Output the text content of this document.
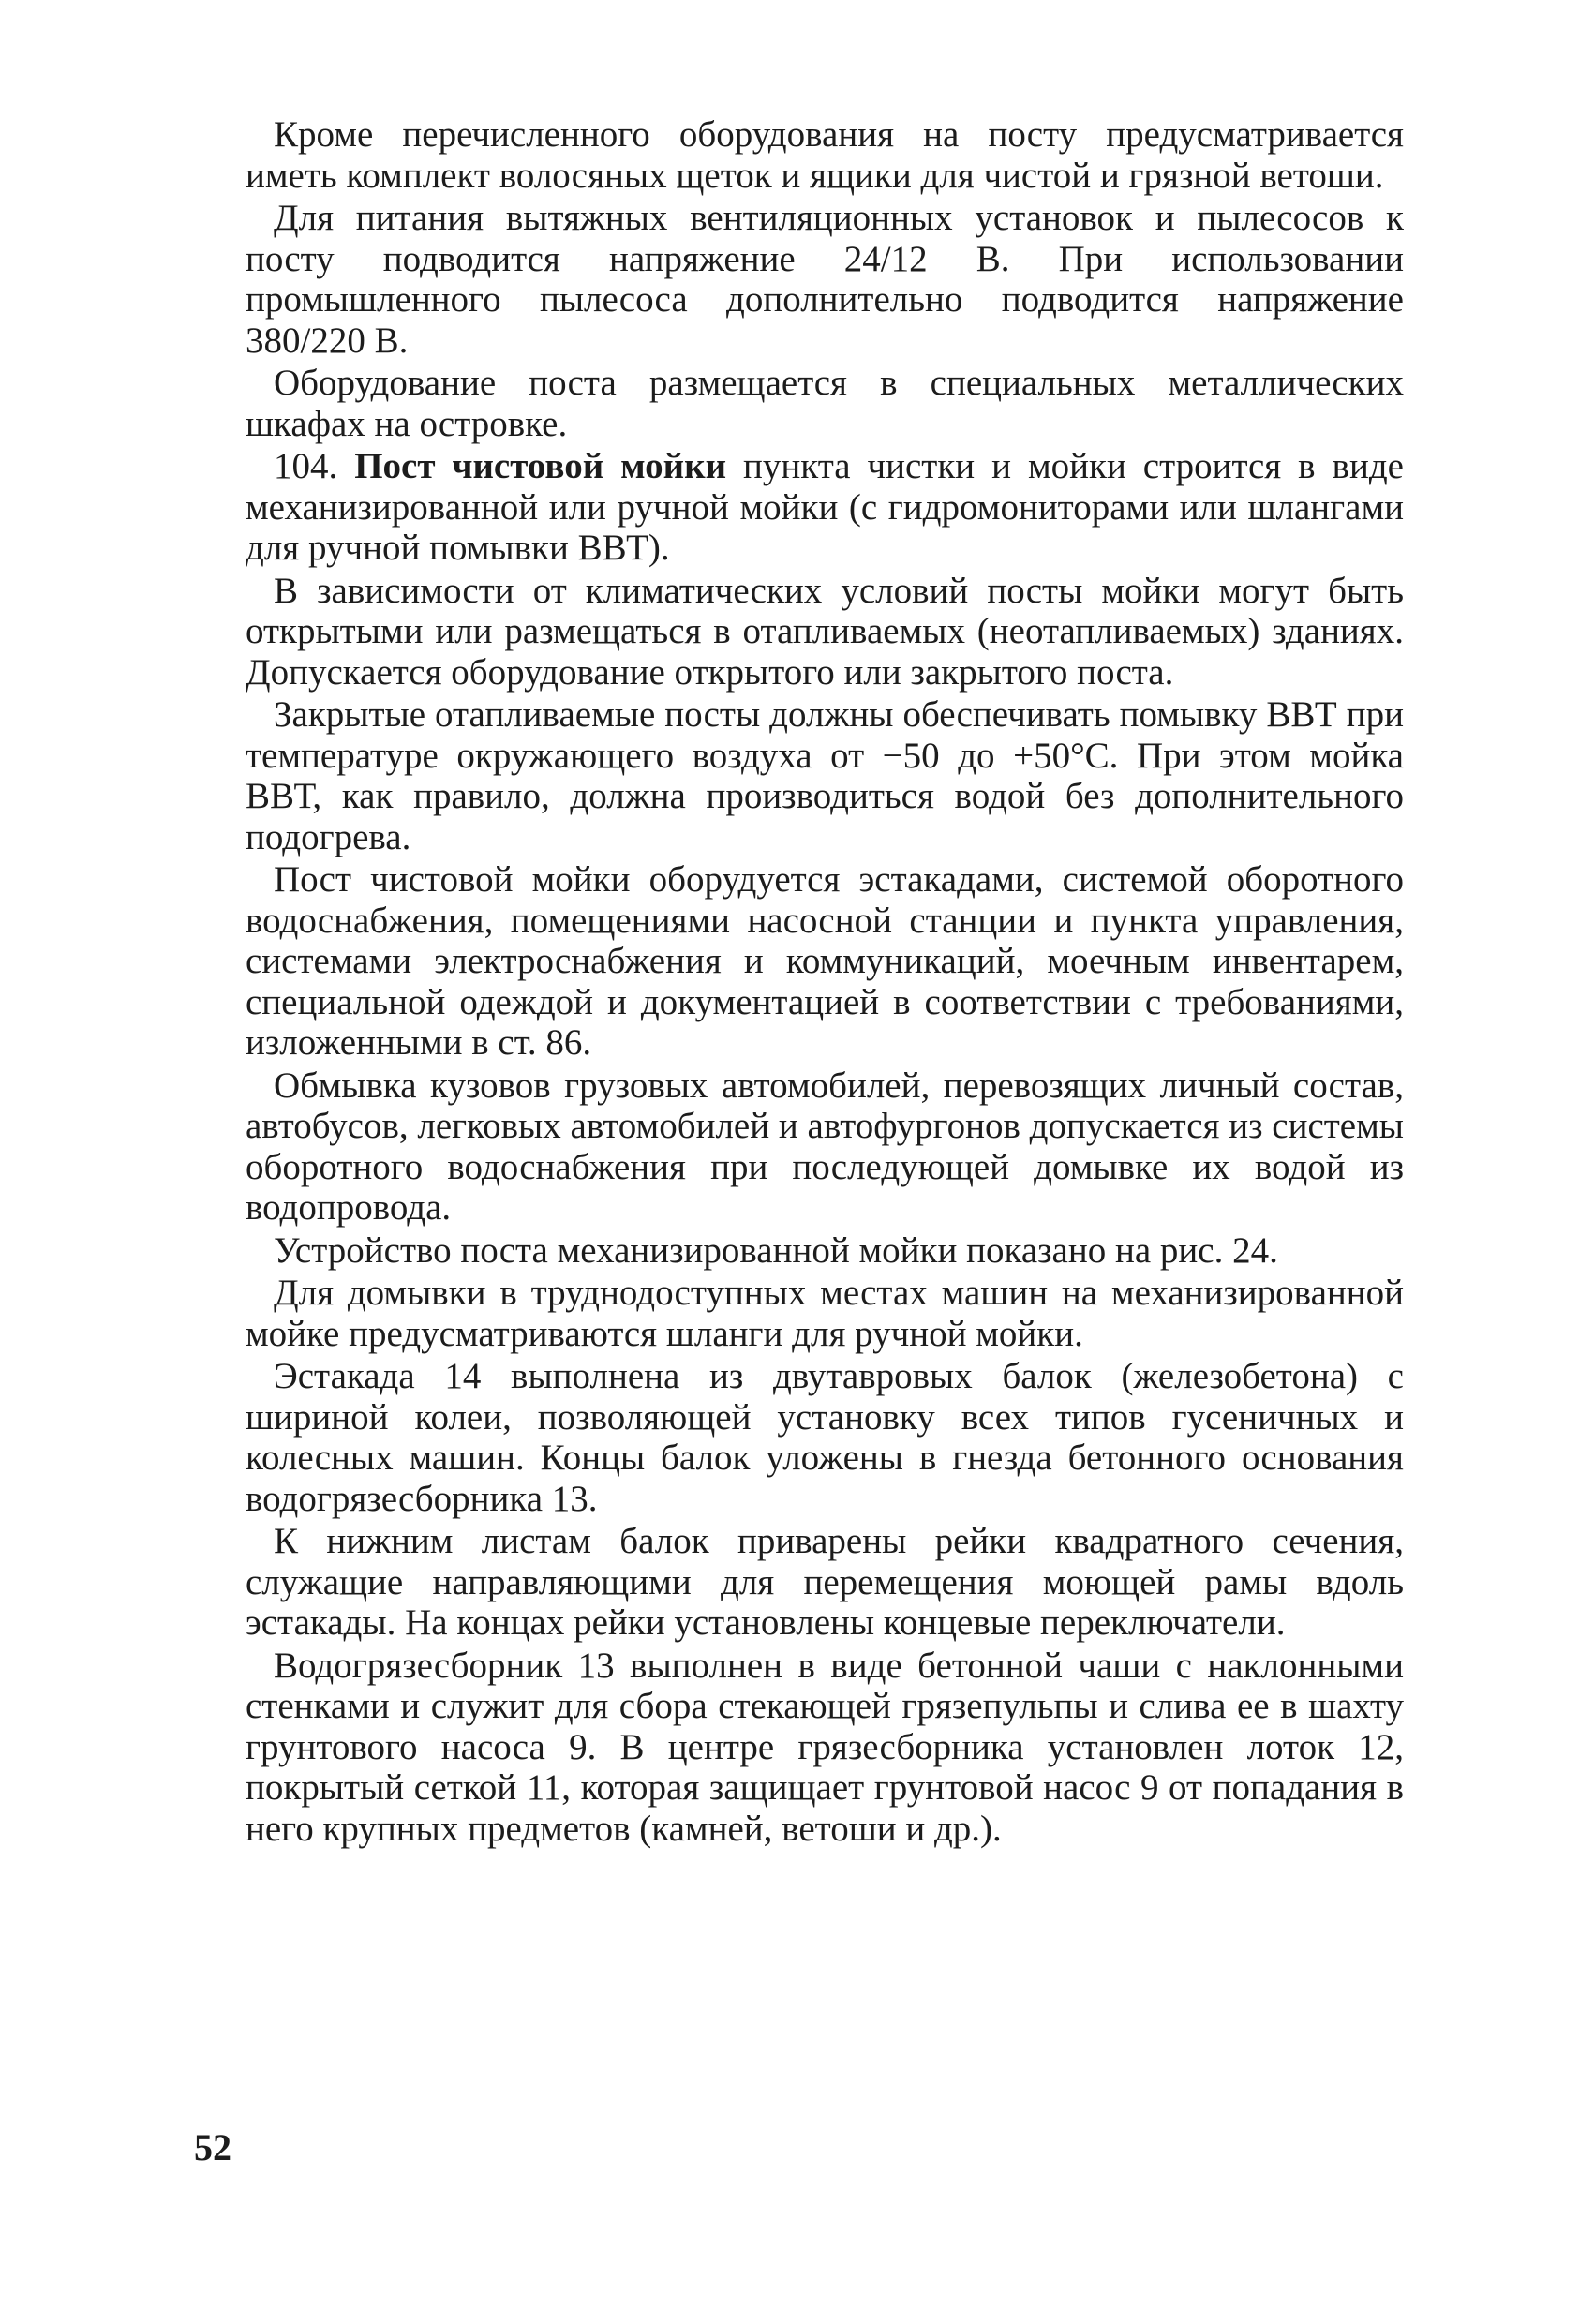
Кроме перечисленного оборудования на посту предусматривается иметь комплект волосяных щеток и ящики для чистой и грязной ветоши.

Для питания вытяжных вентиляционных установок и пылесосов к посту подводится напряжение 24/12 В. При использовании промышленного пылесоса дополнительно подводится напряжение 380/220 В.

Оборудование поста размещается в специальных металлических шкафах на островке.

104. Пост чистовой мойки пункта чистки и мойки строится в виде механизированной или ручной мойки (с гидромониторами или шлангами для ручной помывки ВВТ).

В зависимости от климатических условий посты мойки могут быть открытыми или размещаться в отапливаемых (неотапливаемых) зданиях. Допускается оборудование открытого или закрытого поста.

Закрытые отапливаемые посты должны обеспечивать помывку ВВТ при температуре окружающего воздуха от −50 до +50°С. При этом мойка ВВТ, как правило, должна производиться водой без дополнительного подогрева.

Пост чистовой мойки оборудуется эстакадами, системой оборотного водоснабжения, помещениями насосной станции и пункта управления, системами электроснабжения и коммуникаций, моечным инвентарем, специальной одеждой и документацией в соответствии с требованиями, изложенными в ст. 86.

Обмывка кузовов грузовых автомобилей, перевозящих личный состав, автобусов, легковых автомобилей и автофургонов допускается из системы оборотного водоснабжения при последующей домывке их водой из водопровода.

Устройство поста механизированной мойки показано на рис. 24.

Для домывки в труднодоступных местах машин на механизированной мойке предусматриваются шланги для ручной мойки.

Эстакада 14 выполнена из двутавровых балок (железобетона) с шириной колеи, позволяющей установку всех типов гусеничных и колесных машин. Концы балок уложены в гнезда бетонного основания водогрязесборника 13.

К нижним листам балок приварены рейки квадратного сечения, служащие направляющими для перемещения моющей рамы вдоль эстакады. На концах рейки установлены концевые переключатели.

Водогрязесборник 13 выполнен в виде бетонной чаши с наклонными стенками и служит для сбора стекающей грязепульпы и слива ее в шахту грунтового насоса 9. В центре грязесборника установлен лоток 12, покрытый сеткой 11, которая защищает грунтовой насос 9 от попадания в него крупных предметов (камней, ветоши и др.).

52
